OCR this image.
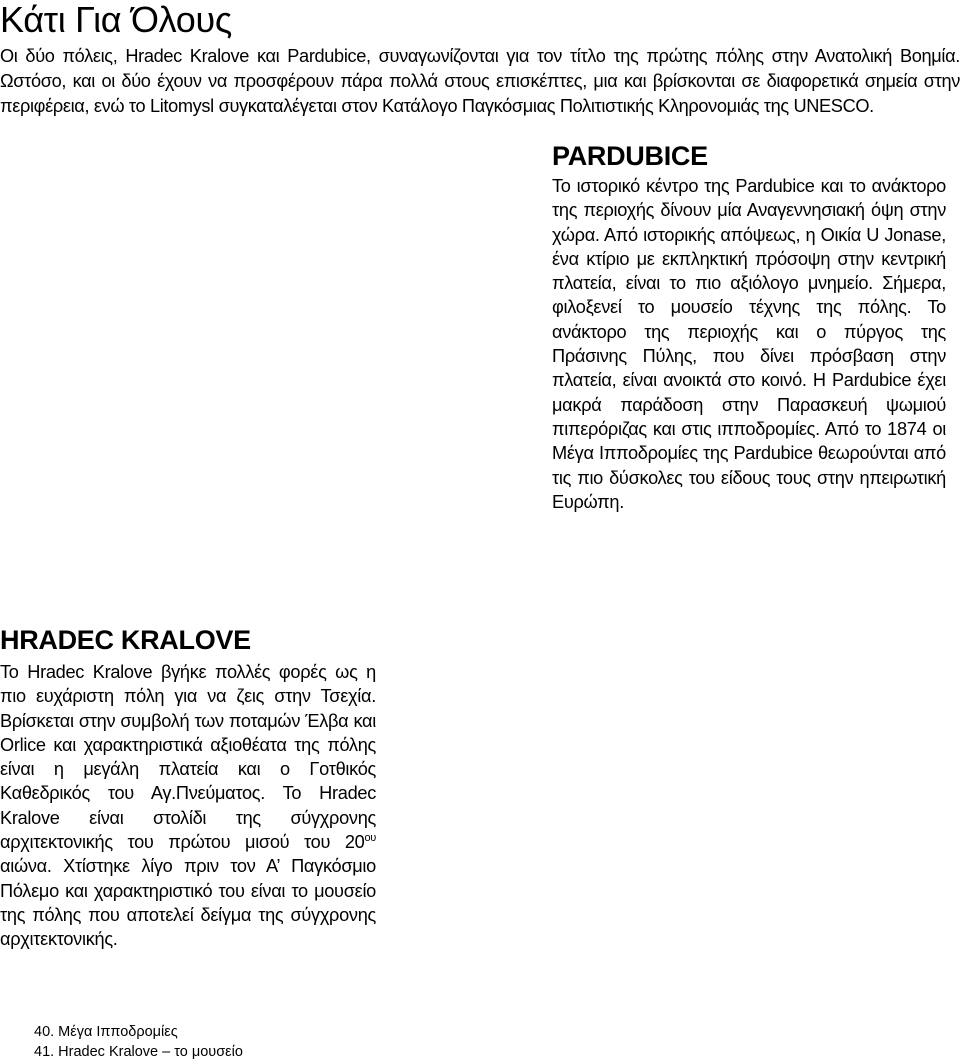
Κάτι Για Όλους

Οι δύο πόλεις, Hradec Kralove και Pardubice, συναγωνίζονται για τον τίτλο της πρώτης πόλης στην Ανατολική Βοημία. Ωστόσο, και οι δύο έχουν να προσφέρουν πάρα πολλά στους επισκέπτες, μια και βρίσκονται σε διαφορετικά σημεία στην περιφέρεια, ενώ το Litomysl συγκαταλέγεται στον Κατάλογο Παγκόσμιας Πολιτιστικής Κληρονομιάς της UNESCO.

PARDUBICE

Το ιστορικό κέντρο της Pardubice και το ανάκτορο της περιοχής δίνουν μία Αναγεννησιακή όψη στην χώρα. Από ιστορικής απόψεως, η Οικία U Jonase, ένα κτίριο με εκπληκτική πρόσοψη στην κεντρική πλατεία, είναι το πιο αξιόλογο μνημείο. Σήμερα, φιλοξενεί το μουσείο τέχνης της πόλης. Το ανάκτορο της περιοχής και ο πύργος της Πράσινης Πύλης, που δίνει πρόσβαση στην πλατεία, είναι ανοικτά στο κοινό. Η Pardubice έχει μακρά παράδοση στην Παρασκευή ψωμιού πιπερόριζας και στις ιπποδρομίες. Από το 1874 οι Μέγα Ιπποδρομίες της Pardubice θεωρούνται από τις πιο δύσκολες του είδους τους στην ηπειρωτική Ευρώπη.

HRADEC KRALOVE

Το Hradec Kralove βγήκε πολλές φορές ως η πιο ευχάριστη πόλη για να ζεις στην Τσεχία. Βρίσκεται στην συμβολή των ποταμών Έλβα και Orlice και χαρακτηριστικά αξιοθέατα της πόλης είναι η μεγάλη πλατεία και ο Γοτθικός Καθεδρικός του Αγ.Πνεύματος. Το Hradec Kralove είναι στολίδι της σύγχρονης αρχιτεκτονικής του πρώτου μισού του $20^{o\upsilon}$ αιώνα. Χτίστηκε λίγο πριν τον Α’ Παγκόσμιο Πόλεμο και χαρακτηριστικό του είναι το μουσείο της πόλης που αποτελεί δείγμα της σύγχρονης αρχιτεκτονικής.

40. Μέγα Ιπποδρομίες
41. Hradec Kralove – το μουσείο
